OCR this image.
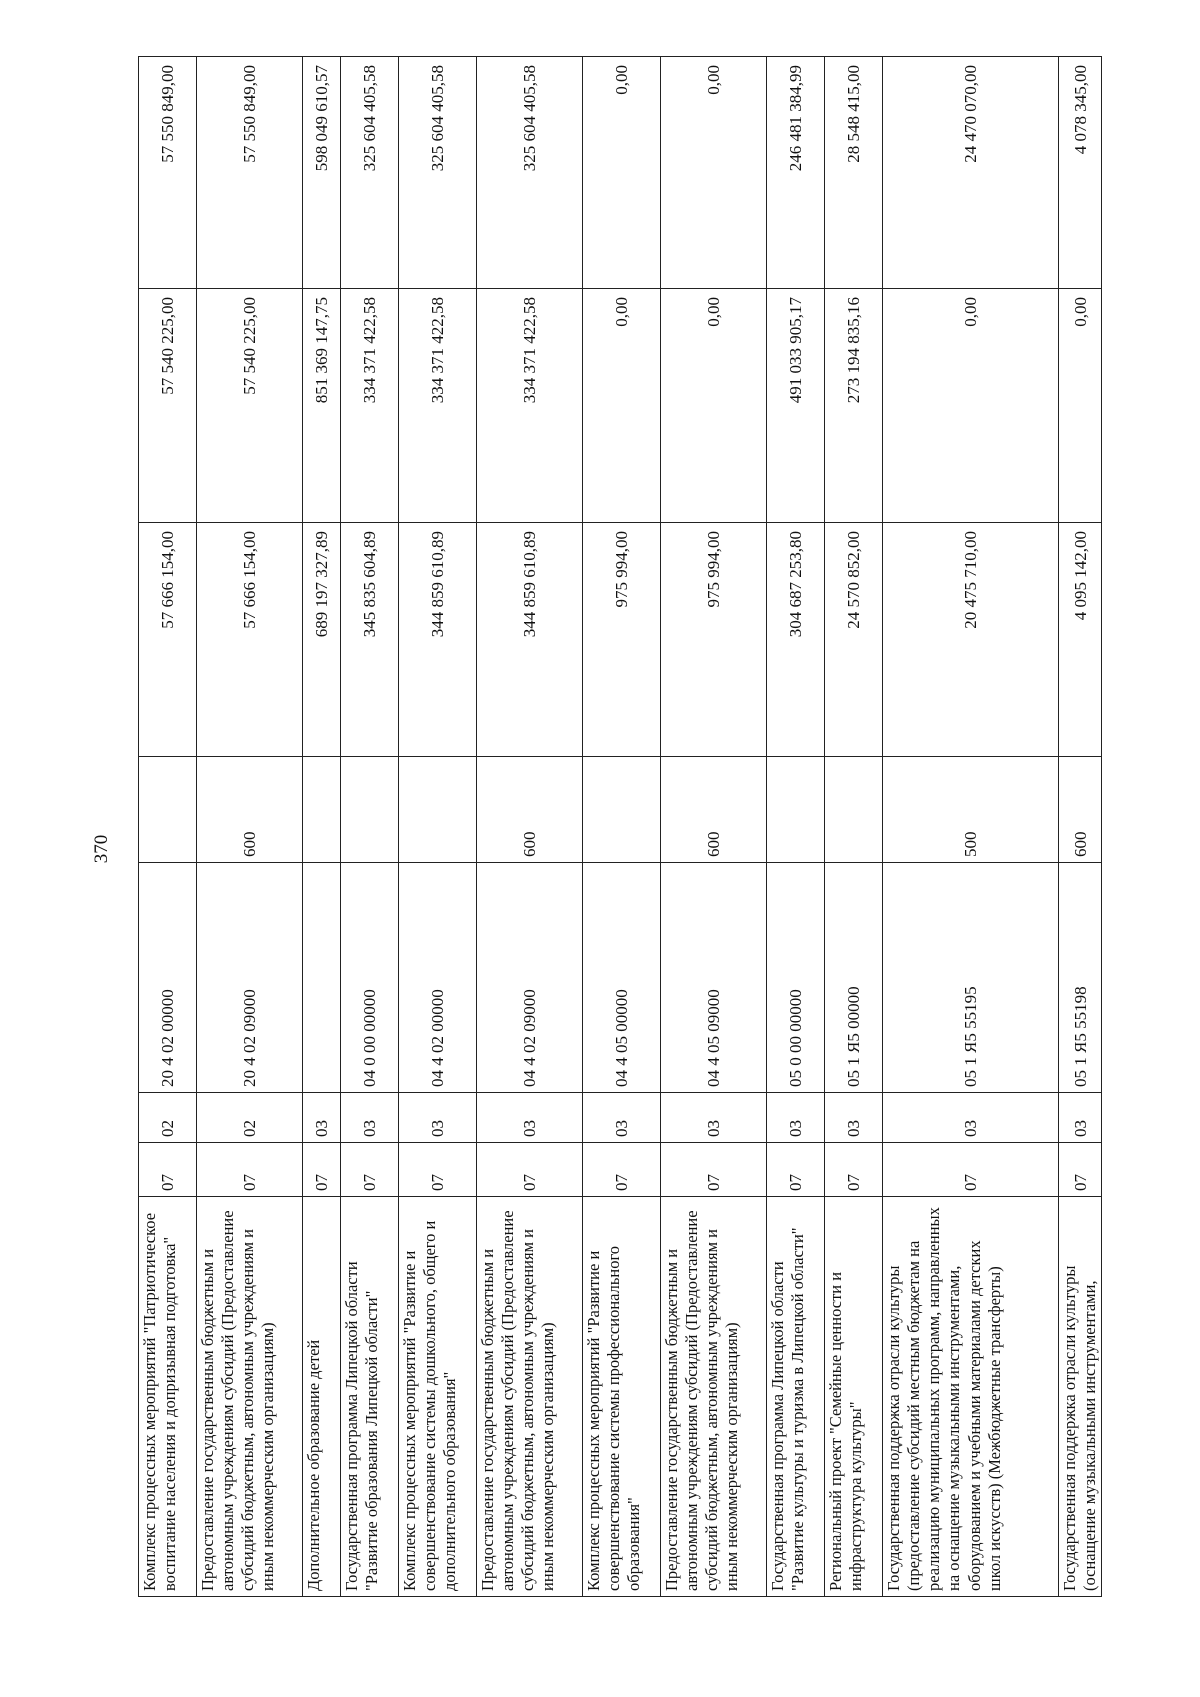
370
Комплекс процессных мероприятий "Патриотическое воспитание населения и допризывная подготовка"	07	02	20 4 02 00000		57 666 154,00	57 540 225,00	57 550 849,00
Предоставление государственным бюджетным и автономным учреждениям субсидий (Предоставление субсидий бюджетным, автономным учреждениям и иным некоммерческим организациям)	07	02	20 4 02 09000	600	57 666 154,00	57 540 225,00	57 550 849,00
Дополнительное образование детей	07	03			689 197 327,89	851 369 147,75	598 049 610,57
Государственная программа Липецкой области "Развитие образования Липецкой области"	07	03	04 0 00 00000		345 835 604,89	334 371 422,58	325 604 405,58
Комплекс процессных мероприятий "Развитие и совершенствование системы дошкольного, общего и дополнительного образования"	07	03	04 4 02 00000		344 859 610,89	334 371 422,58	325 604 405,58
Предоставление государственным бюджетным и автономным учреждениям субсидий (Предоставление субсидий бюджетным, автономным учреждениям и иным некоммерческим организациям)	07	03	04 4 02 09000	600	344 859 610,89	334 371 422,58	325 604 405,58
Комплекс процессных мероприятий "Развитие и совершенствование системы профессионального образования"	07	03	04 4 05 00000		975 994,00	0,00	0,00
Предоставление государственным бюджетным и автономным учреждениям субсидий (Предоставление субсидий бюджетным, автономным учреждениям и иным некоммерческим организациям)	07	03	04 4 05 09000	600	975 994,00	0,00	0,00
Государственная программа Липецкой области "Развитие культуры и туризма в Липецкой области"	07	03	05 0 00 00000		304 687 253,80	491 033 905,17	246 481 384,99
Региональный проект "Семейные ценности и инфраструктура культуры"	07	03	05 1 Я5 00000		24 570 852,00	273 194 835,16	28 548 415,00
Государственная поддержка отрасли культуры (предоставление субсидий местным бюджетам на реализацию муниципальных программ, направленных на оснащение музыкальными инструментами, оборудованием и учебными материалами детских школ искусств) (Межбюджетные трансферты)	07	03	05 1 Я5 55195	500	20 475 710,00	0,00	24 470 070,00
Государственная поддержка отрасли культуры (оснащение музыкальными инструментами,	07	03	05 1 Я5 55198	600	4 095 142,00	0,00	4 078 345,00
